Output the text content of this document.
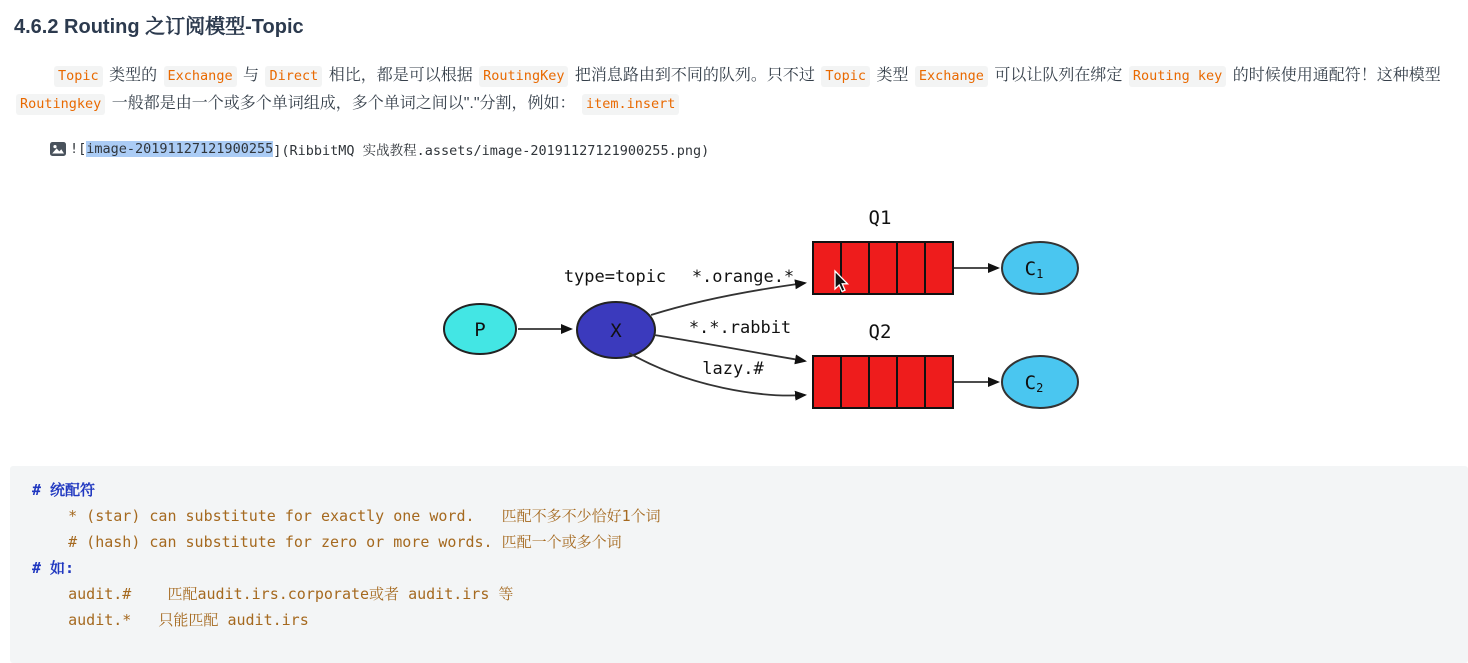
4.6.2 Routing 之订阅模型-Topic

Topic 类型的 Exchange 与 Direct 相比，都是可以根据 RoutingKey 把消息路由到不同的队列。只不过 Topic 类型 Exchange 可以让队列在绑定 Routing key 的时候使用通配符！这种模型 Routingkey 一般都是由一个或多个单词组成，多个单词之间以"."分割，例如： item.insert

![ image-20191127121900255 ](RibbitMQ 实战教程.assets/image-20191127121900255.png)
P	X
type=topic *.orange.*
*.*.rabbit
lazy.#
Q1
C1
Q2
C2
# 统配符
* (star) can substitute for exactly one word.   匹配不多不少恰好1个词
# (hash) can substitute for zero or more words. 匹配一个或多个词
# 如:
audit.#    匹配audit.irs.corporate或者 audit.irs 等
audit.*   只能匹配 audit.irs
